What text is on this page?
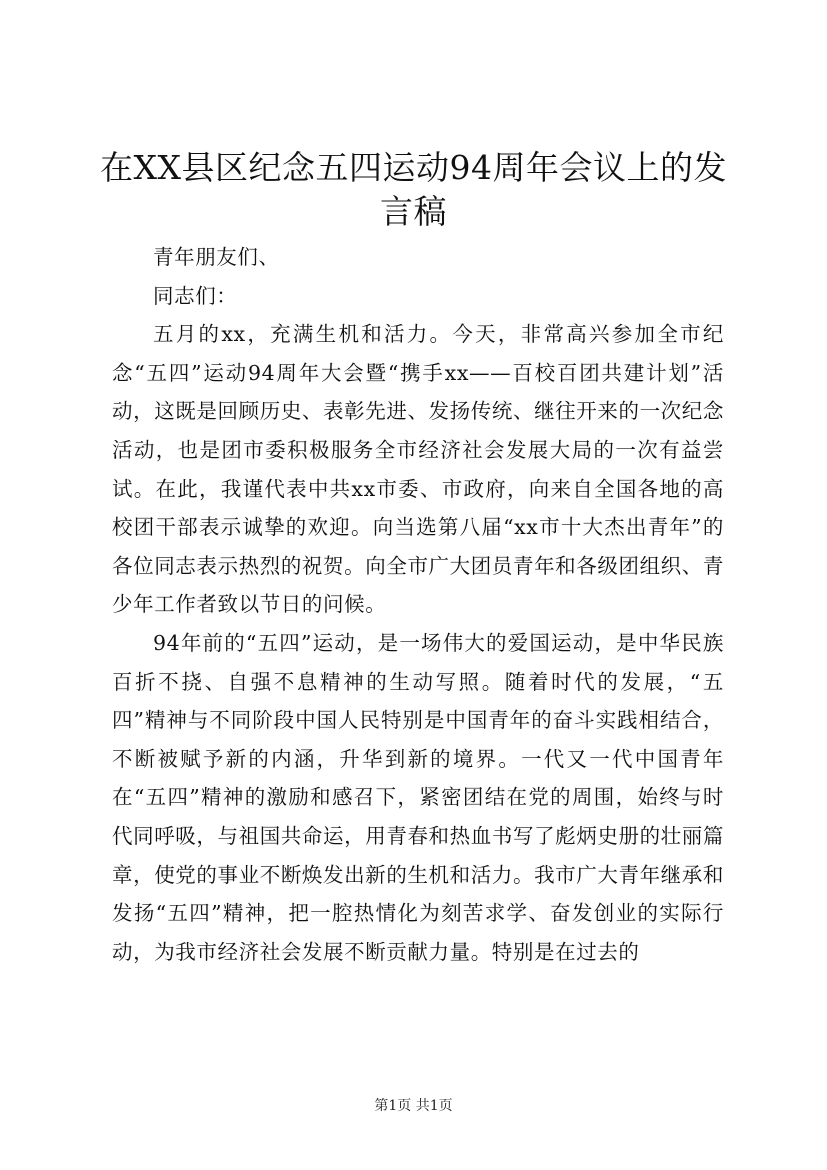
在XX县区纪念五四运动94周年会议上的发言稿

青年朋友们、

同志们：

五月的xx，充满生机和活力。今天，非常高兴参加全市纪念“五四”运动94周年大会暨“携手xx——百校百团共建计划”活动，这既是回顾历史、表彰先进、发扬传统、继往开来的一次纪念活动，也是团市委积极服务全市经济社会发展大局的一次有益尝试。在此，我谨代表中共xx市委、市政府，向来自全国各地的高校团干部表示诚挚的欢迎。向当选第八届“xx市十大杰出青年”的各位同志表示热烈的祝贺。向全市广大团员青年和各级团组织、青少年工作者致以节日的问候。

94年前的“五四”运动，是一场伟大的爱国运动，是中华民族百折不挠、自强不息精神的生动写照。随着时代的发展，“五四”精神与不同阶段中国人民特别是中国青年的奋斗实践相结合，不断被赋予新的内涵，升华到新的境界。一代又一代中国青年在“五四”精神的激励和感召下，紧密团结在党的周围，始终与时代同呼吸，与祖国共命运，用青春和热血书写了彪炳史册的壮丽篇章，使党的事业不断焕发出新的生机和活力。我市广大青年继承和发扬“五四”精神，把一腔热情化为刻苦求学、奋发创业的实际行动，为我市经济社会发展不断贡献力量。特别是在过去的

第1页 共1页
